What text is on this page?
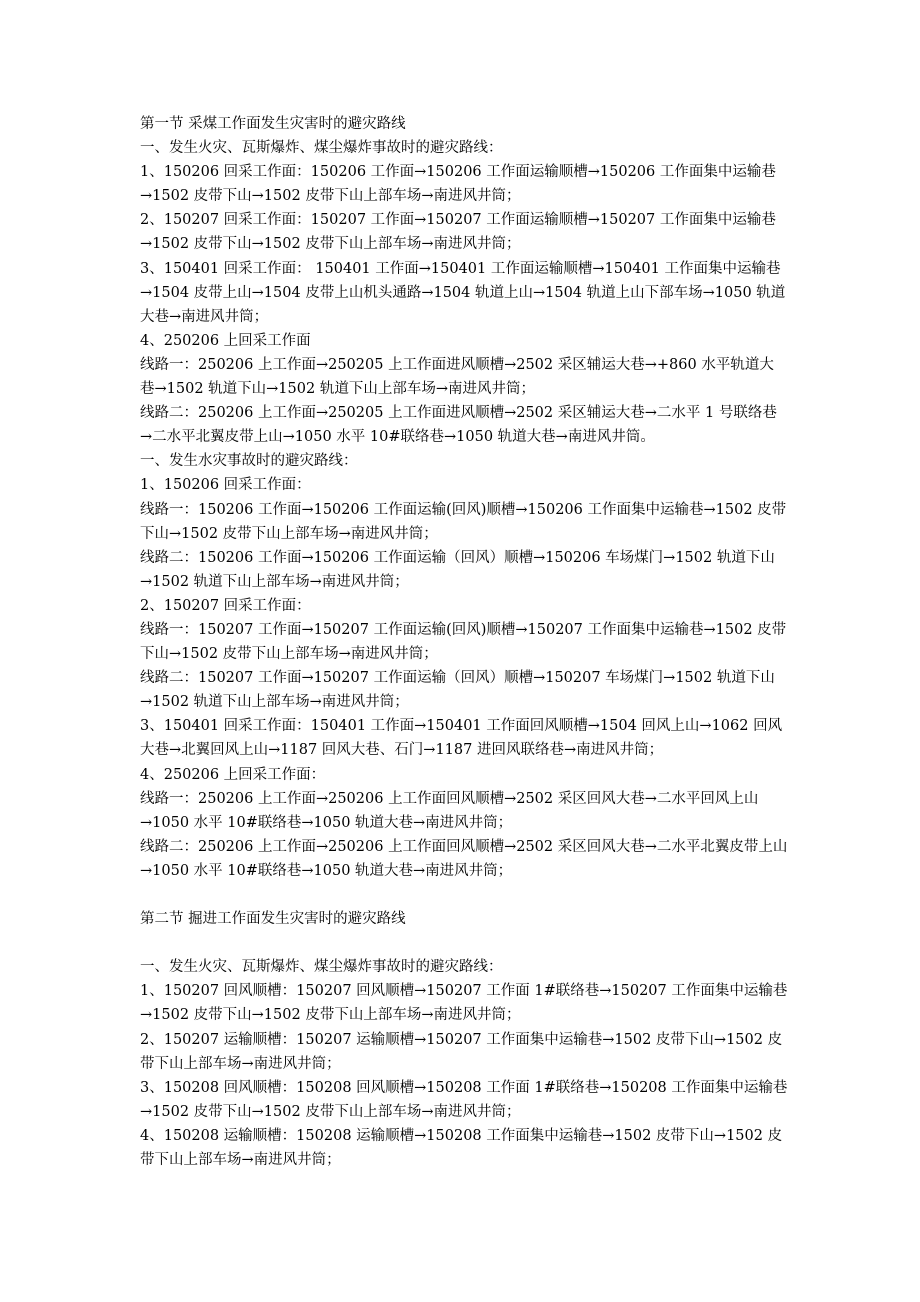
第一节 采煤工作面发生灾害时的避灾路线

一、发生火灾、瓦斯爆炸、煤尘爆炸事故时的避灾路线：

1、150206 回采工作面：150206 工作面→150206 工作面运输顺槽→150206 工作面集中运输巷→1502 皮带下山→1502 皮带下山上部车场→南进风井筒；

2、150207 回采工作面：150207 工作面→150207 工作面运输顺槽→150207 工作面集中运输巷→1502 皮带下山→1502 皮带下山上部车场→南进风井筒；

3、150401 回采工作面： 150401 工作面→150401 工作面运输顺槽→150401 工作面集中运输巷→1504 皮带上山→1504 皮带上山机头通路→1504 轨道上山→1504 轨道上山下部车场→1050 轨道大巷→南进风井筒；

4、250206 上回采工作面

线路一：250206 上工作面→250205 上工作面进风顺槽→2502 采区辅运大巷→+860 水平轨道大巷→1502 轨道下山→1502 轨道下山上部车场→南进风井筒；

线路二：250206 上工作面→250205 上工作面进风顺槽→2502 采区辅运大巷→二水平 1 号联络巷→二水平北翼皮带上山→1050 水平 10#联络巷→1050 轨道大巷→南进风井筒。

一、发生水灾事故时的避灾路线：

1、150206 回采工作面：

线路一：150206 工作面→150206 工作面运输(回风)顺槽→150206 工作面集中运输巷→1502 皮带下山→1502 皮带下山上部车场→南进风井筒；

线路二：150206 工作面→150206 工作面运输（回风）顺槽→150206 车场煤门→1502 轨道下山→1502 轨道下山上部车场→南进风井筒；

2、150207 回采工作面：

线路一：150207 工作面→150207 工作面运输(回风)顺槽→150207 工作面集中运输巷→1502 皮带下山→1502 皮带下山上部车场→南进风井筒；

线路二：150207 工作面→150207 工作面运输（回风）顺槽→150207 车场煤门→1502 轨道下山→1502 轨道下山上部车场→南进风井筒；

3、150401 回采工作面：150401 工作面→150401 工作面回风顺槽→1504 回风上山→1062 回风大巷→北翼回风上山→1187 回风大巷、石门→1187 进回风联络巷→南进风井筒；

4、250206 上回采工作面：

线路一：250206 上工作面→250206 上工作面回风顺槽→2502 采区回风大巷→二水平回风上山→1050 水平 10#联络巷→1050 轨道大巷→南进风井筒；

线路二：250206 上工作面→250206 上工作面回风顺槽→2502 采区回风大巷→二水平北翼皮带上山→1050 水平 10#联络巷→1050 轨道大巷→南进风井筒；

第二节 掘进工作面发生灾害时的避灾路线

一、发生火灾、瓦斯爆炸、煤尘爆炸事故时的避灾路线：

1、150207 回风顺槽：150207 回风顺槽→150207 工作面 1#联络巷→150207 工作面集中运输巷→1502 皮带下山→1502 皮带下山上部车场→南进风井筒；

2、150207 运输顺槽：150207 运输顺槽→150207 工作面集中运输巷→1502 皮带下山→1502 皮带下山上部车场→南进风井筒；

3、150208 回风顺槽：150208 回风顺槽→150208 工作面 1#联络巷→150208 工作面集中运输巷→1502 皮带下山→1502 皮带下山上部车场→南进风井筒；

4、150208 运输顺槽：150208 运输顺槽→150208 工作面集中运输巷→1502 皮带下山→1502 皮带下山上部车场→南进风井筒；
